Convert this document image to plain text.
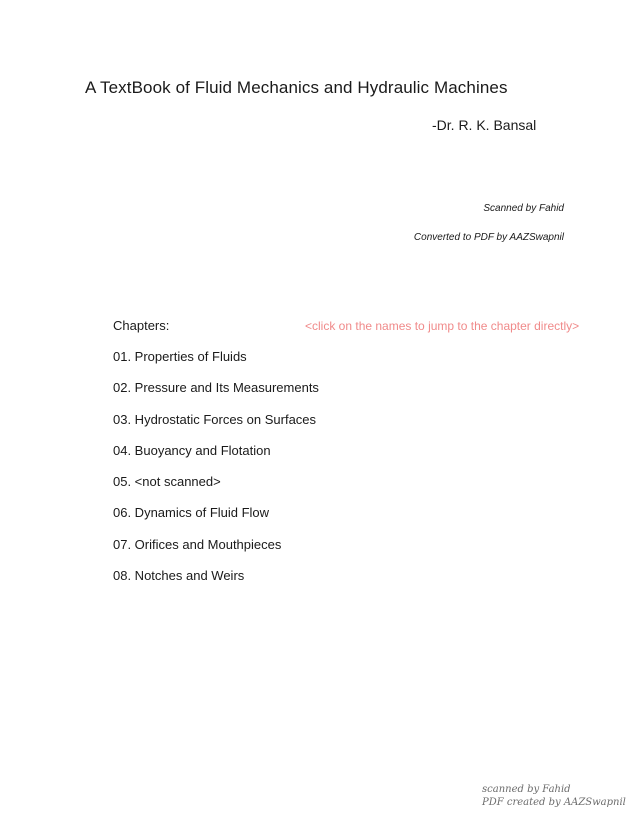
A TextBook of Fluid Mechanics and Hydraulic Machines
-Dr. R. K. Bansal
Scanned by Fahid
Converted to PDF by AAZSwapnil
Chapters:	<click on the names to jump to the chapter directly>
01. Properties of Fluids
02. Pressure and Its Measurements
03. Hydrostatic Forces on Surfaces
04. Buoyancy and Flotation
05. <not scanned>
06. Dynamics of Fluid Flow
07. Orifices and Mouthpieces
08. Notches and Weirs
scanned by Fahid
PDF created by AAZSwapnil
